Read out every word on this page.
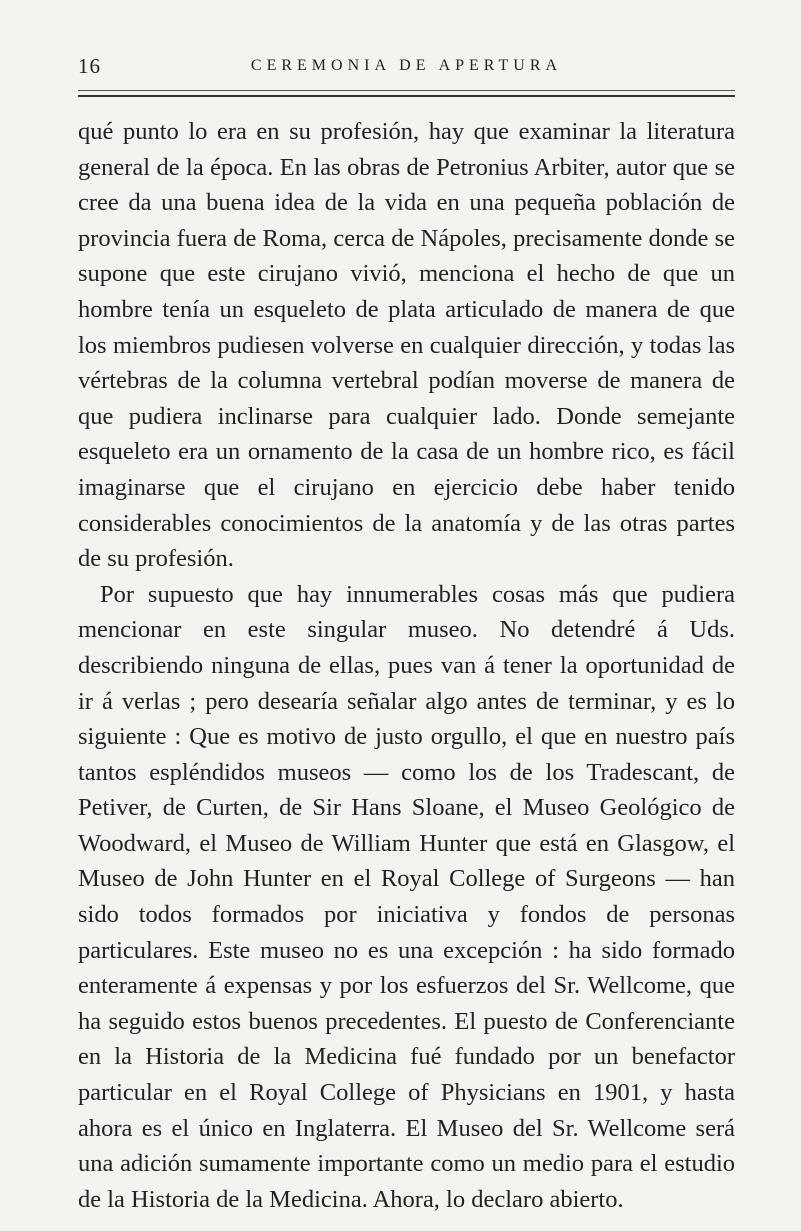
16	CEREMONIA DE APERTURA

qué punto lo era en su profesión, hay que examinar la literatura general de la época. En las obras de Petronius Arbiter, autor que se cree da una buena idea de la vida en una pequeña población de provincia fuera de Roma, cerca de Nápoles, precisamente donde se supone que este cirujano vivió, menciona el hecho de que un hombre tenía un esqueleto de plata articulado de manera de que los miembros pudiesen volverse en cualquier dirección, y todas las vértebras de la columna vertebral podían moverse de manera de que pudiera inclinarse para cualquier lado. Donde semejante esqueleto era un ornamento de la casa de un hombre rico, es fácil imaginarse que el cirujano en ejercicio debe haber tenido considerables conocimientos de la anatomía y de las otras partes de su profesión.

Por supuesto que hay innumerables cosas más que pudiera mencionar en este singular museo. No detendré á Uds. describiendo ninguna de ellas, pues van á tener la oportunidad de ir á verlas ; pero desearía señalar algo antes de terminar, y es lo siguiente : Que es motivo de justo orgullo, el que en nuestro país tantos espléndidos museos — como los de los Tradescant, de Petiver, de Curten, de Sir Hans Sloane, el Museo Geológico de Woodward, el Museo de William Hunter que está en Glasgow, el Museo de John Hunter en el Royal College of Surgeons — han sido todos formados por iniciativa y fondos de personas particulares. Este museo no es una excepción : ha sido formado enteramente á expensas y por los esfuerzos del Sr. Wellcome, que ha seguido estos buenos precedentes. El puesto de Conferenciante en la Historia de la Medicina fué fundado por un benefactor particular en el Royal College of Physicians en 1901, y hasta ahora es el único en Inglaterra. El Museo del Sr. Wellcome será una adición sumamente importante como un medio para el estudio de la Historia de la Medicina. Ahora, lo declaro abierto.
